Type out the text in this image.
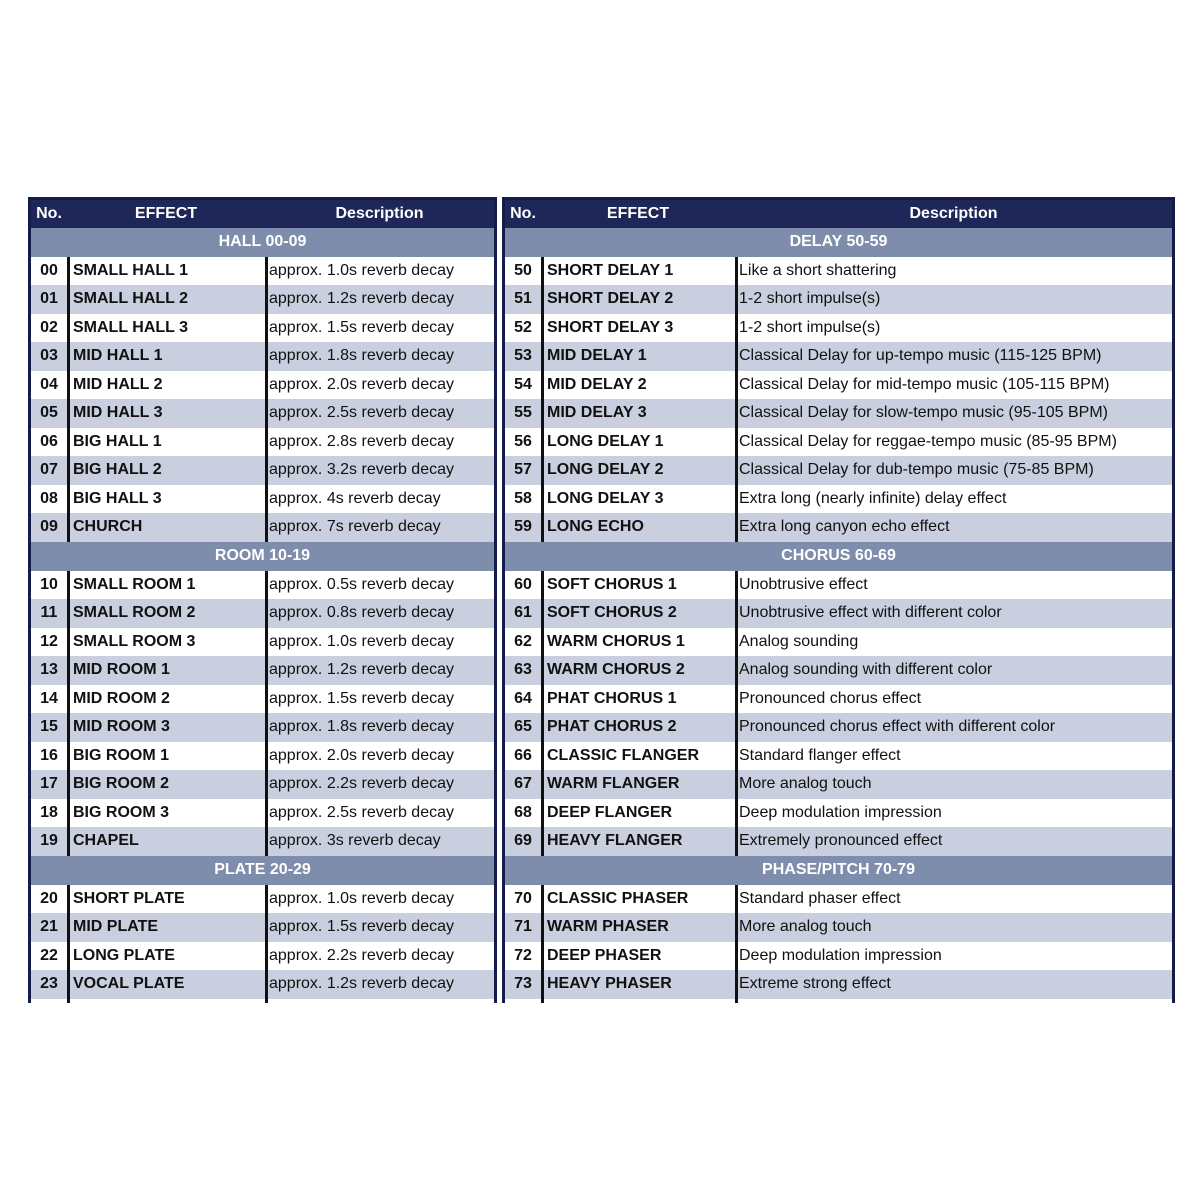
No.	EFFECT	Description
HALL 00-09
00 SMALL HALL 1	approx. 1.0s reverb decay
01 SMALL HALL 2	approx. 1.2s reverb decay
02 SMALL HALL 3	approx. 1.5s reverb decay
03 MID HALL 1	approx. 1.8s reverb decay
04 MID HALL 2	approx. 2.0s reverb decay
05 MID HALL 3	approx. 2.5s reverb decay
06 BIG HALL 1	approx. 2.8s reverb decay
07 BIG HALL 2	approx. 3.2s reverb decay
08 BIG HALL 3	approx. 4s reverb decay
09 CHURCH	approx. 7s reverb decay
ROOM 10-19
10 SMALL ROOM 1	approx. 0.5s reverb decay
11 SMALL ROOM 2	approx. 0.8s reverb decay
12 SMALL ROOM 3	approx. 1.0s reverb decay
13 MID ROOM 1	approx. 1.2s reverb decay
14 MID ROOM 2	approx. 1.5s reverb decay
15 MID ROOM 3	approx. 1.8s reverb decay
16 BIG ROOM 1	approx. 2.0s reverb decay
17 BIG ROOM 2	approx. 2.2s reverb decay
18 BIG ROOM 3	approx. 2.5s reverb decay
19 CHAPEL	approx. 3s reverb decay
PLATE 20-29
20 SHORT PLATE	approx. 1.0s reverb decay
21 MID PLATE	approx. 1.5s reverb decay
22 LONG PLATE	approx. 2.2s reverb decay
23 VOCAL PLATE	approx. 1.2s reverb decay
No.	EFFECT	Description
DELAY 50-59
50 SHORT DELAY 1	Like a short shattering
51 SHORT DELAY 2	1-2 short impulse(s)
52 SHORT DELAY 3	1-2 short impulse(s)
53 MID DELAY 1	Classical Delay for up-tempo music (115-125 BPM)
54 MID DELAY 2	Classical Delay for mid-tempo music (105-115 BPM)
55 MID DELAY 3	Classical Delay for slow-tempo music (95-105 BPM)
56 LONG DELAY 1	Classical Delay for reggae-tempo music (85-95 BPM)
57 LONG DELAY 2	Classical Delay for dub-tempo music (75-85 BPM)
58 LONG DELAY 3	Extra long (nearly infinite) delay effect
59 LONG ECHO	Extra long canyon echo effect
CHORUS 60-69
60 SOFT CHORUS 1	Unobtrusive effect
61 SOFT CHORUS 2	Unobtrusive effect with different color
62 WARM CHORUS 1	Analog sounding
63 WARM CHORUS 2	Analog sounding with different color
64 PHAT CHORUS 1	Pronounced chorus effect
65 PHAT CHORUS 2	Pronounced chorus effect with different color
66 CLASSIC FLANGER	Standard flanger effect
67 WARM FLANGER	More analog touch
68 DEEP FLANGER	Deep modulation impression
69 HEAVY FLANGER	Extremely pronounced effect
PHASE/PITCH 70-79
70 CLASSIC PHASER	Standard phaser effect
71 WARM PHASER	More analog touch
72 DEEP PHASER	Deep modulation impression
73 HEAVY PHASER	Extreme strong effect
